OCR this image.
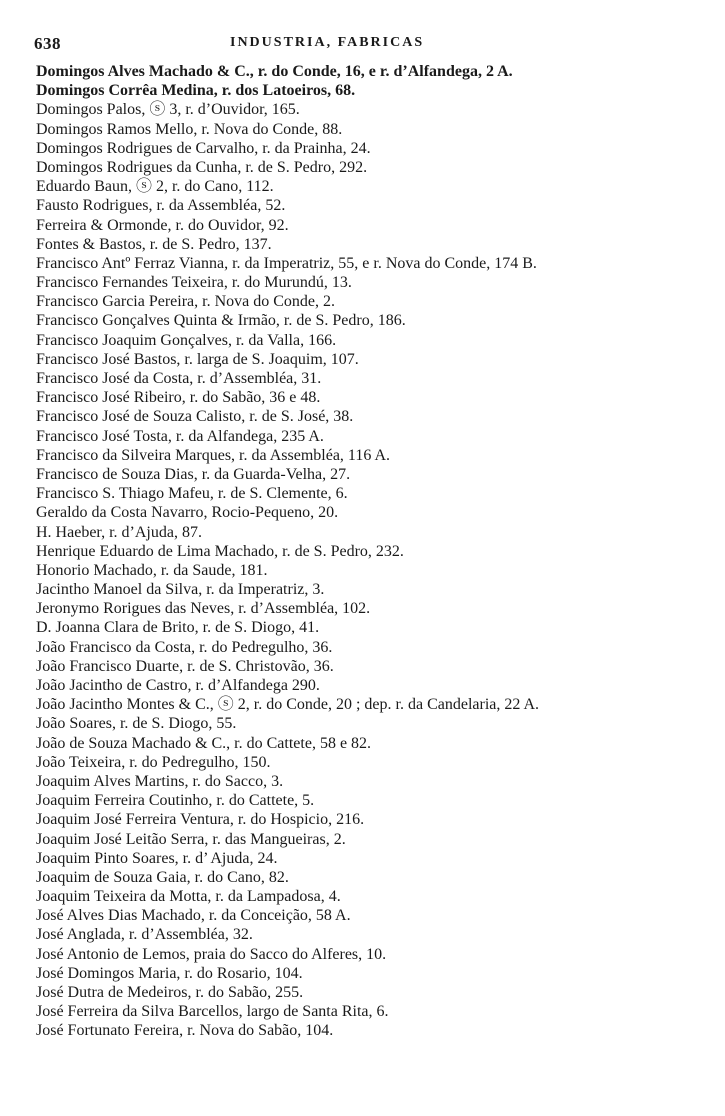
638	INDUSTRIA, FABRICAS
Domingos Alves Machado & C., r. do Conde, 16, e r. d’Alfandega, 2 A.
Domingos Corrêa Medina, r. dos Latoeiros, 68.
Domingos Palos, ⓢ 3, r. d’Ouvidor, 165.
Domingos Ramos Mello, r. Nova do Conde, 88.
Domingos Rodrigues de Carvalho, r. da Prainha, 24.
Domingos Rodrigues da Cunha, r. de S. Pedro, 292.
Eduardo Baun, ⓢ 2, r. do Cano, 112.
Fausto Rodrigues, r. da Assembléa, 52.
Ferreira & Ormonde, r. do Ouvidor, 92.
Fontes & Bastos, r. de S. Pedro, 137.
Francisco Antº Ferraz Vianna, r. da Imperatriz, 55, e r. Nova do Conde, 174 B.
Francisco Fernandes Teixeira, r. do Murundú, 13.
Francisco Garcia Pereira, r. Nova do Conde, 2.
Francisco Gonçalves Quinta & Irmão, r. de S. Pedro, 186.
Francisco Joaquim Gonçalves, r. da Valla, 166.
Francisco José Bastos, r. larga de S. Joaquim, 107.
Francisco José da Costa, r. d’Assembléa, 31.
Francisco José Ribeiro, r. do Sabão, 36 e 48.
Francisco José de Souza Calisto, r. de S. José, 38.
Francisco José Tosta, r. da Alfandega, 235 A.
Francisco da Silveira Marques, r. da Assembléa, 116 A.
Francisco de Souza Dias, r. da Guarda-Velha, 27.
Francisco S. Thiago Mafeu, r. de S. Clemente, 6.
Geraldo da Costa Navarro, Rocio-Pequeno, 20.
H. Haeber, r. d’Ajuda, 87.
Henrique Eduardo de Lima Machado, r. de S. Pedro, 232.
Honorio Machado, r. da Saude, 181.
Jacintho Manoel da Silva, r. da Imperatriz, 3.
Jeronymo Rorigues das Neves, r. d’Assembléa, 102.
D. Joanna Clara de Brito, r. de S. Diogo, 41.
João Francisco da Costa, r. do Pedregulho, 36.
João Francisco Duarte, r. de S. Christovão, 36.
João Jacintho de Castro, r. d’Alfandega 290.
João Jacintho Montes & C., ⓢ 2, r. do Conde, 20 ; dep. r. da Candelaria, 22 A.
João Soares, r. de S. Diogo, 55.
João de Souza Machado & C., r. do Cattete, 58 e 82.
João Teixeira, r. do Pedregulho, 150.
Joaquim Alves Martins, r. do Sacco, 3.
Joaquim Ferreira Coutinho, r. do Cattete, 5.
Joaquim José Ferreira Ventura, r. do Hospicio, 216.
Joaquim José Leitão Serra, r. das Mangueiras, 2.
Joaquim Pinto Soares, r. d’ Ajuda, 24.
Joaquim de Souza Gaia, r. do Cano, 82.
Joaquim Teixeira da Motta, r. da Lampadosa, 4.
José Alves Dias Machado, r. da Conceição, 58 A.
José Anglada, r. d’Assembléa, 32.
José Antonio de Lemos, praia do Sacco do Alferes, 10.
José Domingos Maria, r. do Rosario, 104.
José Dutra de Medeiros, r. do Sabão, 255.
José Ferreira da Silva Barcellos, largo de Santa Rita, 6.
José Fortunato Fereira, r. Nova do Sabão, 104.
